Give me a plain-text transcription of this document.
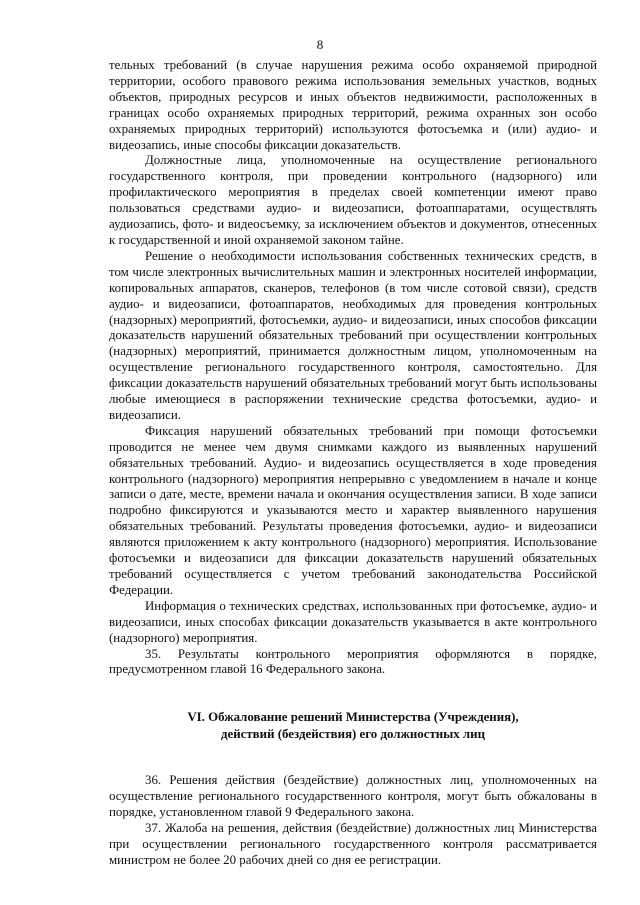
8

тельных требований (в случае нарушения режима особо охраняемой природной территории, особого правового режима использования земельных участков, водных объектов, природных ресурсов и иных объектов недвижимости, расположенных в границах особо охраняемых природных территорий, режима охранных зон особо охраняемых природных территорий) используются фотосъемка и (или) аудио- и видеозапись, иные способы фиксации доказательств.

Должностные лица, уполномоченные на осуществление регионального государственного контроля, при проведении контрольного (надзорного) или профилактического мероприятия в пределах своей компетенции имеют право пользоваться средствами аудио- и видеозаписи, фотоаппаратами, осуществлять аудиозапись, фото- и видеосъемку, за исключением объектов и документов, отнесенных к государственной и иной охраняемой законом тайне.

Решение о необходимости использования собственных технических средств, в том числе электронных вычислительных машин и электронных носителей информации, копировальных аппаратов, сканеров, телефонов (в том числе сотовой связи), средств аудио- и видеозаписи, фотоаппаратов, необходимых для проведения контрольных (надзорных) мероприятий, фотосъемки, аудио- и видеозаписи, иных способов фиксации доказательств нарушений обязательных требований при осуществлении контрольных (надзорных) мероприятий, принимается должностным лицом, уполномоченным на осуществление регионального государственного контроля, самостоятельно. Для фиксации доказательств нарушений обязательных требований могут быть использованы любые имеющиеся в распоряжении технические средства фотосъемки, аудио- и видеозаписи.

Фиксация нарушений обязательных требований при помощи фотосъемки проводится не менее чем двумя снимками каждого из выявленных нарушений обязательных требований. Аудио- и видеозапись осуществляется в ходе проведения контрольного (надзорного) мероприятия непрерывно с уведомлением в начале и конце записи о дате, месте, времени начала и окончания осуществления записи. В ходе записи подробно фиксируются и указываются место и характер выявленного нарушения обязательных требований. Результаты проведения фотосъемки, аудио- и видеозаписи являются приложением к акту контрольного (надзорного) мероприятия. Использование фотосъемки и видеозаписи для фиксации доказательств нарушений обязательных требований осуществляется с учетом требований законодательства Российской Федерации.

Информация о технических средствах, использованных при фотосъемке, аудио- и видеозаписи, иных способах фиксации доказательств указывается в акте контрольного (надзорного) мероприятия.

35. Результаты контрольного мероприятия оформляются в порядке, предусмотренном главой 16 Федерального закона.

VI. Обжалование решений Министерства (Учреждения),
действий (бездействия) его должностных лиц

36. Решения действия (бездействие) должностных лиц, уполномоченных на осуществление регионального государственного контроля, могут быть обжалованы в порядке, установленном главой 9 Федерального закона.

37. Жалоба на решения, действия (бездействие) должностных лиц Министерства при осуществлении регионального государственного контроля рассматривается министром не более 20 рабочих дней со дня ее регистрации.
